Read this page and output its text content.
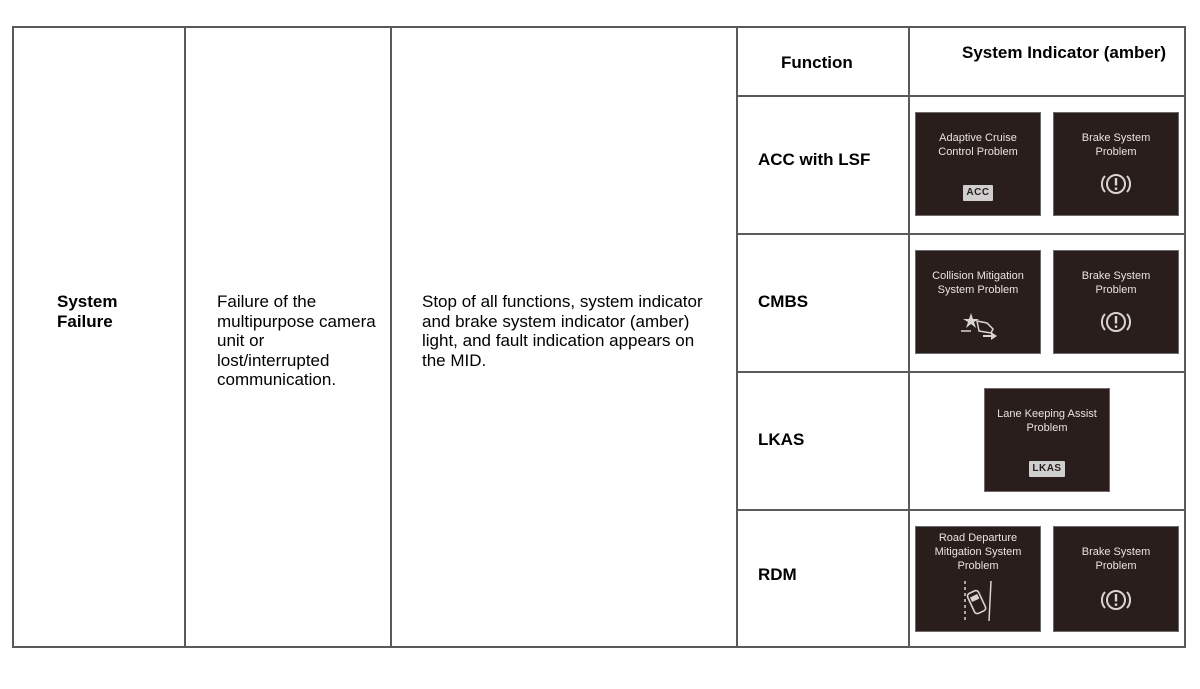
System Failure
Failure of the multipurpose camera unit or lost/interrupted communication.
Stop of all functions, system indicator and brake system indicator (amber) light, and fault indication appears on the MID.
Function
System Indicator (amber)
ACC with LSF
CMBS
LKAS
RDM
Adaptive Cruise Control Problem
ACC
Brake System Problem
Collision Mitigation System Problem
Brake System Problem
Lane Keeping Assist Problem
LKAS
Road Departure Mitigation System Problem
Brake System Problem
